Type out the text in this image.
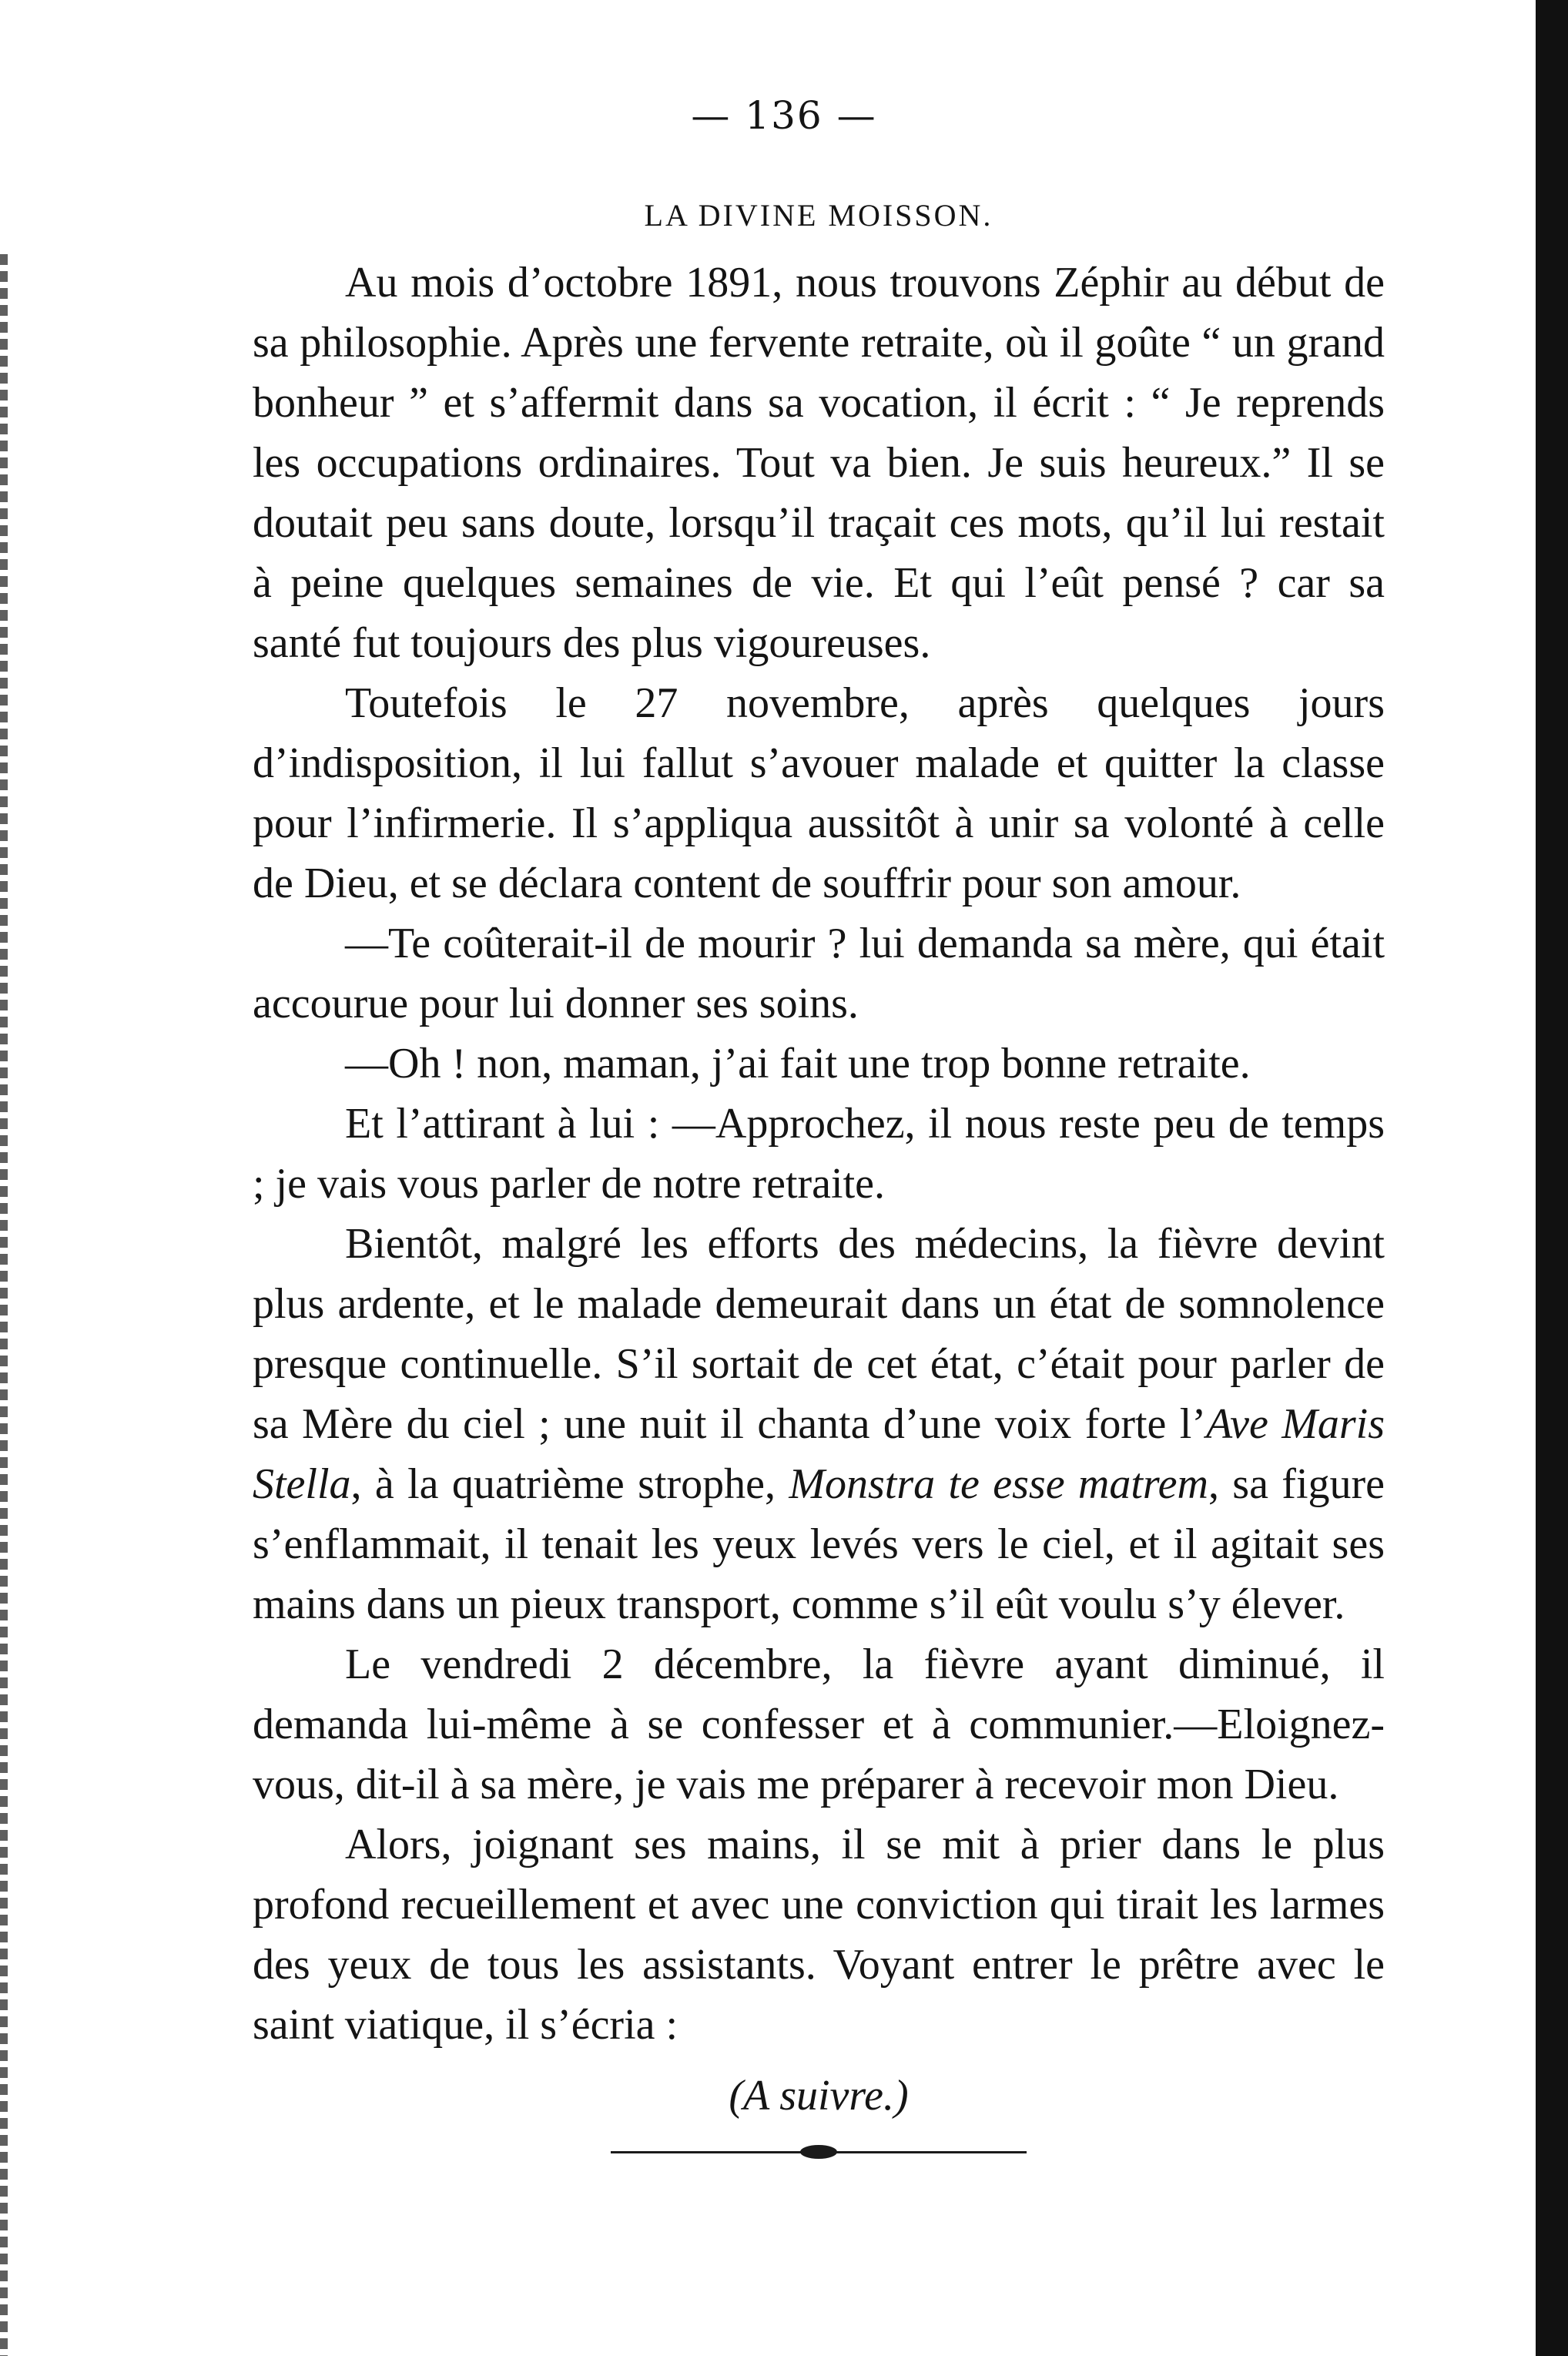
— 136 —
LA DIVINE MOISSON.

Au mois d’octobre 1891, nous trouvons Zéphir au début de sa philosophie. Après une fervente retraite, où il goûte “ un grand bonheur ” et s’affermit dans sa vocation, il écrit : “ Je reprends les occupations ordinaires. Tout va bien. Je suis heureux.” Il se doutait peu sans doute, lorsqu’il traçait ces mots, qu’il lui restait à peine quelques semaines de vie. Et qui l’eût pensé ? car sa santé fut toujours des plus vigoureuses.

Toutefois le 27 novembre, après quelques jours d’indisposition, il lui fallut s’avouer malade et quitter la classe pour l’infirmerie. Il s’appliqua aussitôt à unir sa volonté à celle de Dieu, et se déclara content de souffrir pour son amour.

—Te coûterait-il de mourir ? lui demanda sa mère, qui était accourue pour lui donner ses soins.

—Oh ! non, maman, j’ai fait une trop bonne retraite.

Et l’attirant à lui : —Approchez, il nous reste peu de temps ; je vais vous parler de notre retraite.

Bientôt, malgré les efforts des médecins, la fièvre devint plus ardente, et le malade demeurait dans un état de somnolence presque continuelle. S’il sortait de cet état, c’était pour parler de sa Mère du ciel ; une nuit il chanta d’une voix forte l’Ave Maris Stella, à la quatrième strophe, Monstra te esse matrem, sa figure s’enflammait, il tenait les yeux levés vers le ciel, et il agitait ses mains dans un pieux transport, comme s’il eût voulu s’y élever.

Le vendredi 2 décembre, la fièvre ayant diminué, il demanda lui-même à se confesser et à communier.—Eloignez-vous, dit-il à sa mère, je vais me préparer à recevoir mon Dieu.

Alors, joignant ses mains, il se mit à prier dans le plus profond recueillement et avec une conviction qui tirait les larmes des yeux de tous les assistants. Voyant entrer le prêtre avec le saint viatique, il s’écria :

(A suivre.)
